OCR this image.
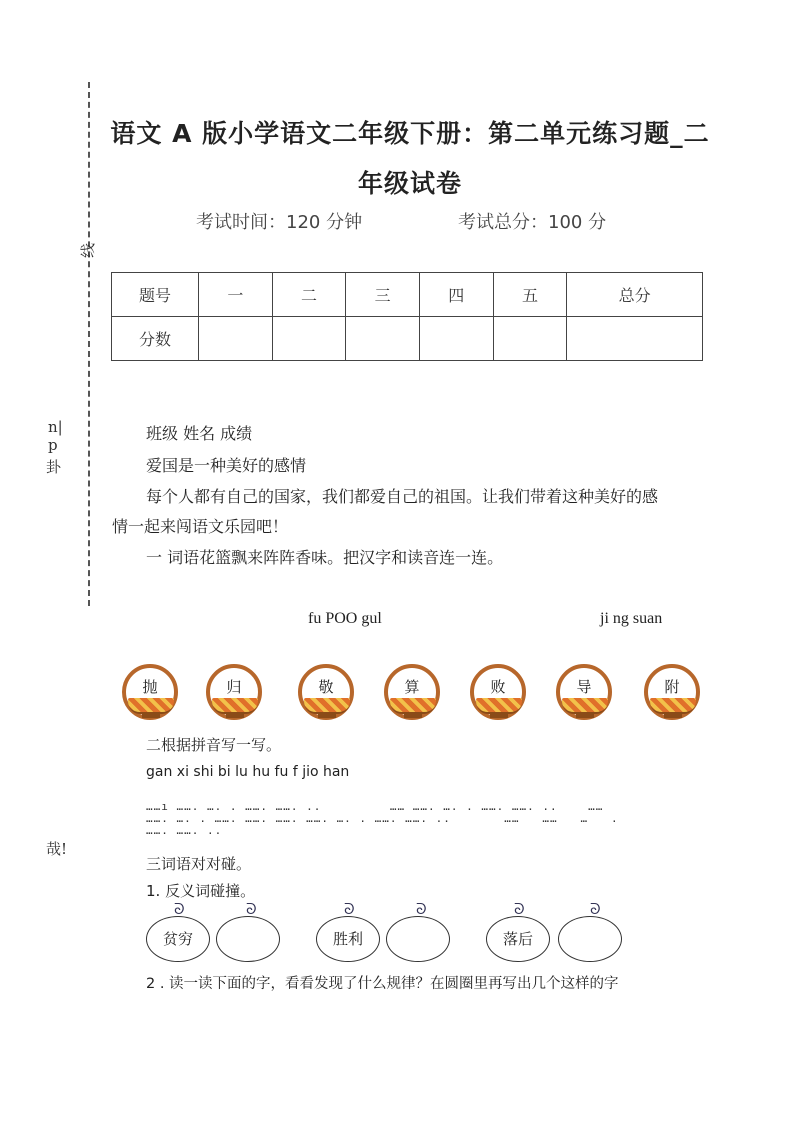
线
n|
p
卦
哉!
语文 A 版小学语文二年级下册：第二单元练习题_二
年级试卷
考试时间：120 分钟	考试总分：100 分
题号	一	二	三	四	五	总分
分数						
班级 姓名 成绩
爱国是一种美好的感情
每个人都有自己的国家，我们都爱自己的祖国。让我们带着这种美好的感
情一起来闯语文乐园吧！
一 词语花篮飘来阵阵香味。把汉字和读音连一连。
fu POO gul	ji ng suan
抛	归	敬	算	败	导	附
二根据拼音写一写。
gan xi shi bi lu hu fu f jio han
……ı ……. …. . ……. ……. ..         …… ……. …. . ……. ……. ..    ……
……. …. . ……. ……. ……. ……. …. . ……. ……. ..       ……   ……   …   .
……. ……. ..
三词语对对碰。
1. 反义词碰撞。
ᘐ
贫穷
ᘐ	ᘐ
胜利
ᘐ	ᘐ
落后
ᘐ
2 . 读一读下面的字，看看发现了什么规律？在圆圈里再写出几个这样的字
